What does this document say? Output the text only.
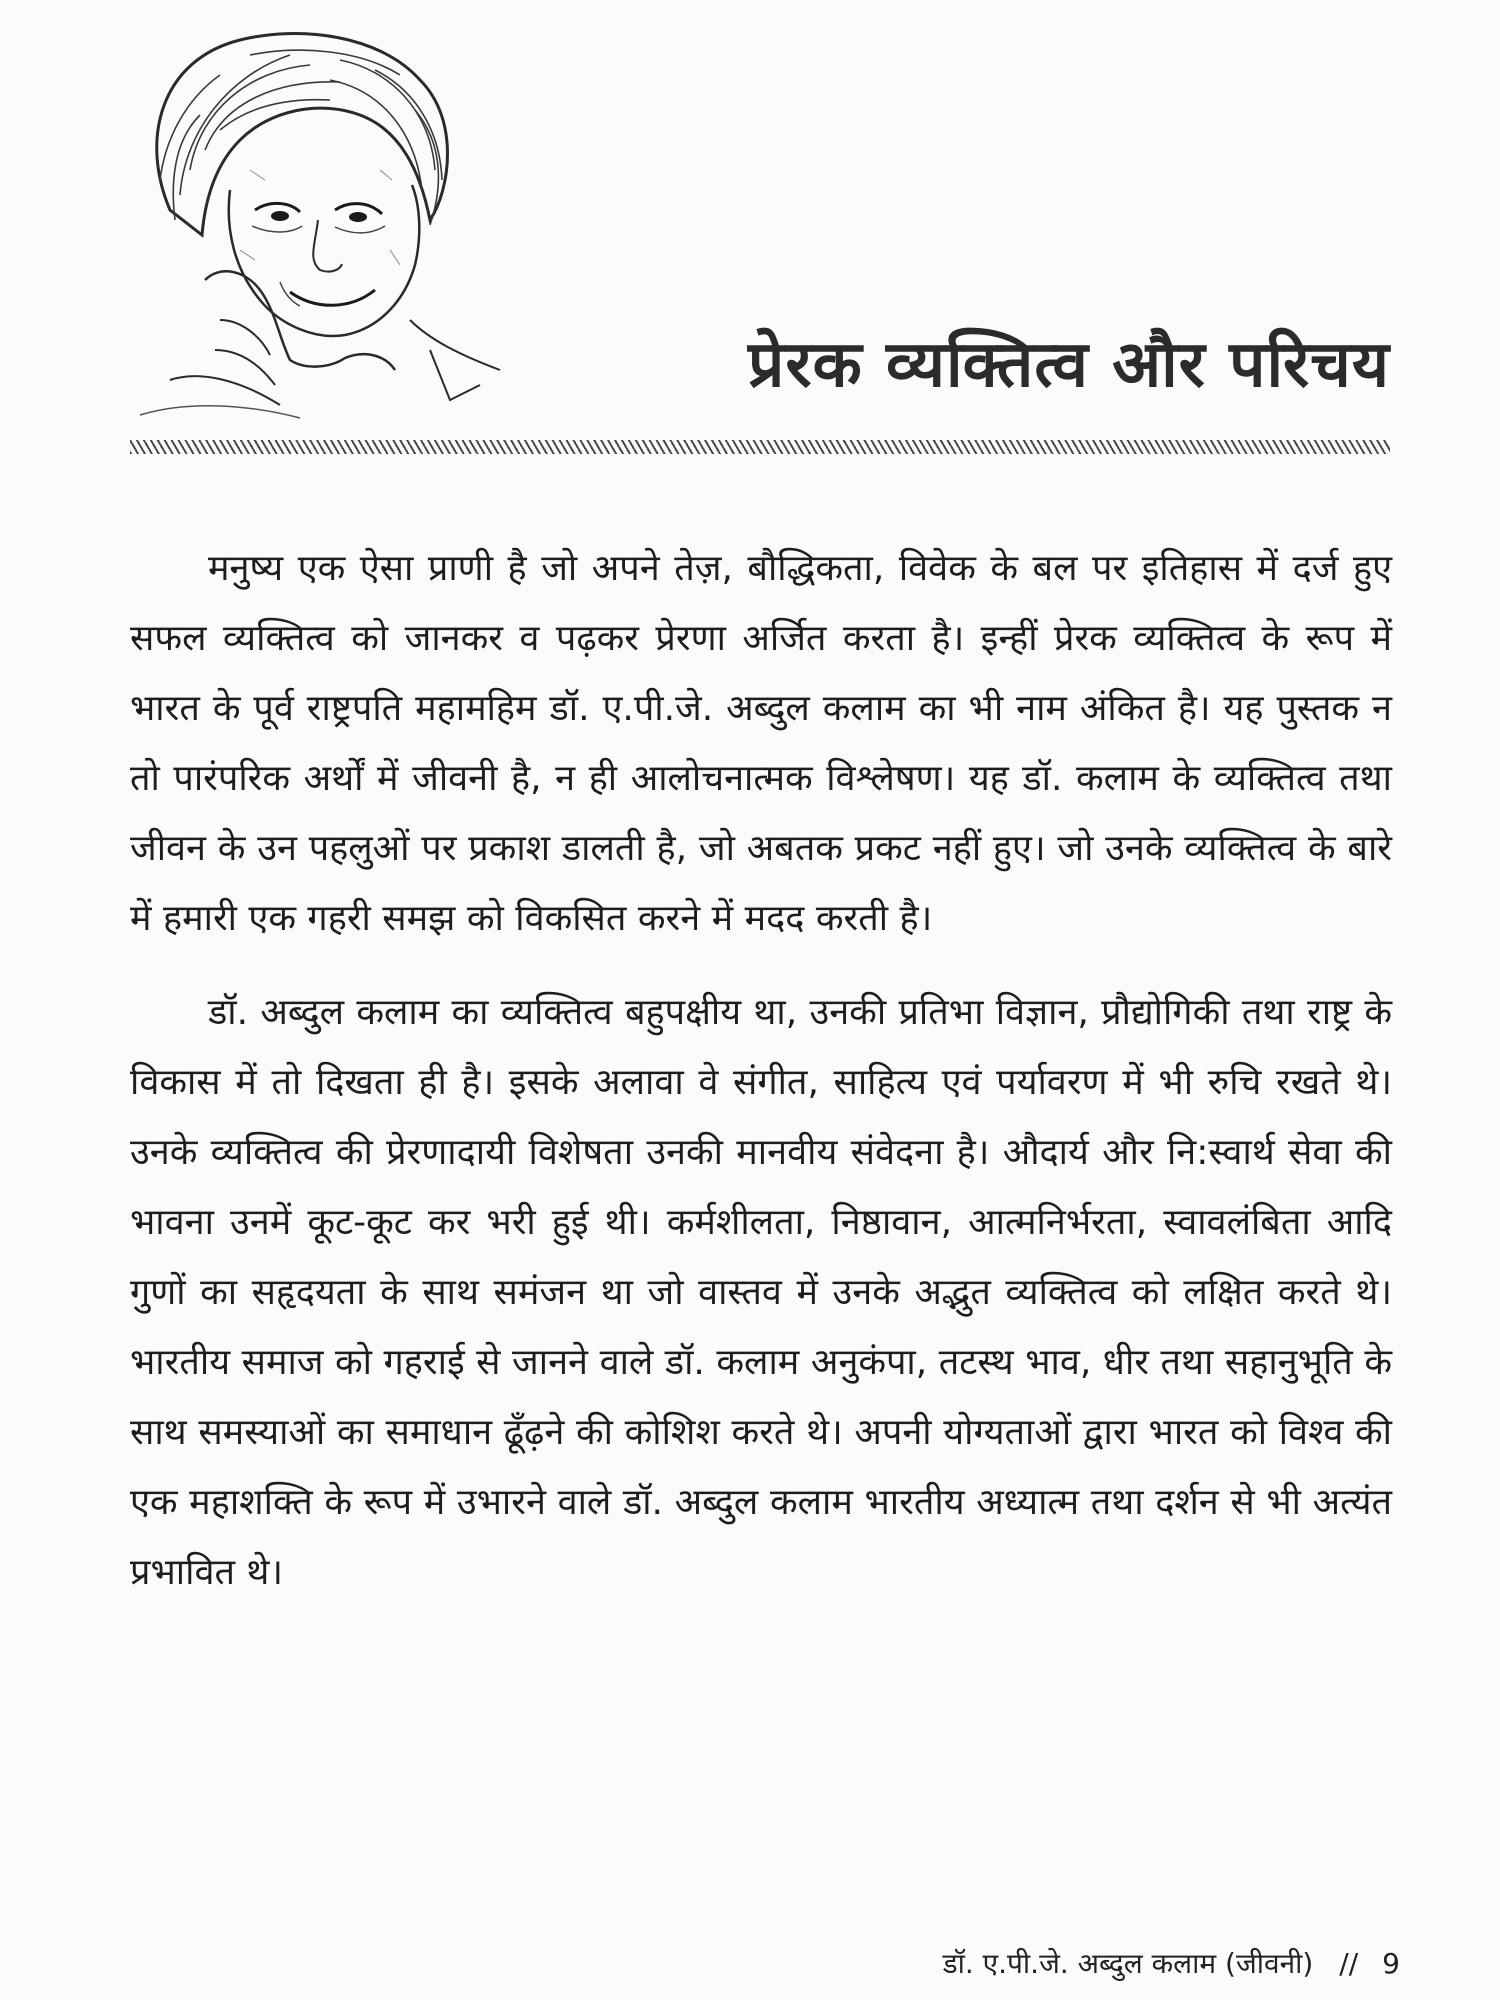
प्रेरक व्यक्तित्व और परिचय

मनुष्य एक ऐसा प्राणी है जो अपने तेज़, बौद्धिकता, विवेक के बल पर इतिहास में दर्ज हुए सफल व्यक्तित्व को जानकर व पढ़कर प्रेरणा अर्जित करता है। इन्हीं प्रेरक व्यक्तित्व के रूप में भारत के पूर्व राष्ट्रपति महामहिम डॉ. ए.पी.जे. अब्दुल कलाम का भी नाम अंकित है। यह पुस्तक न तो पारंपरिक अर्थों में जीवनी है, न ही आलोचनात्मक विश्लेषण। यह डॉ. कलाम के व्यक्तित्व तथा जीवन के उन पहलुओं पर प्रकाश डालती है, जो अबतक प्रकट नहीं हुए। जो उनके व्यक्तित्व के बारे में हमारी एक गहरी समझ को विकसित करने में मदद करती है।

डॉ. अब्दुल कलाम का व्यक्तित्व बहुपक्षीय था, उनकी प्रतिभा विज्ञान, प्रौद्योगिकी तथा राष्ट्र के विकास में तो दिखता ही है। इसके अलावा वे संगीत, साहित्य एवं पर्यावरण में भी रुचि रखते थे। उनके व्यक्तित्व की प्रेरणादायी विशेषता उनकी मानवीय संवेदना है। औदार्य और नि:स्वार्थ सेवा की भावना उनमें कूट-कूट कर भरी हुई थी। कर्मशीलता, निष्ठावान, आत्मनिर्भरता, स्वावलंबिता आदि गुणों का सहृदयता के साथ समंजन था जो वास्तव में उनके अद्भुत व्यक्तित्व को लक्षित करते थे। भारतीय समाज को गहराई से जानने वाले डॉ. कलाम अनुकंपा, तटस्थ भाव, धीर तथा सहानुभूति के साथ समस्याओं का समाधान ढूँढ़ने की कोशिश करते थे। अपनी योग्यताओं द्वारा भारत को विश्व की एक महाशक्ति के रूप में उभारने वाले डॉ. अब्दुल कलाम भारतीय अध्यात्म तथा दर्शन से भी अत्यंत प्रभावित थे।

डॉ. ए.पी.जे. अब्दुल कलाम (जीवनी) // 9
